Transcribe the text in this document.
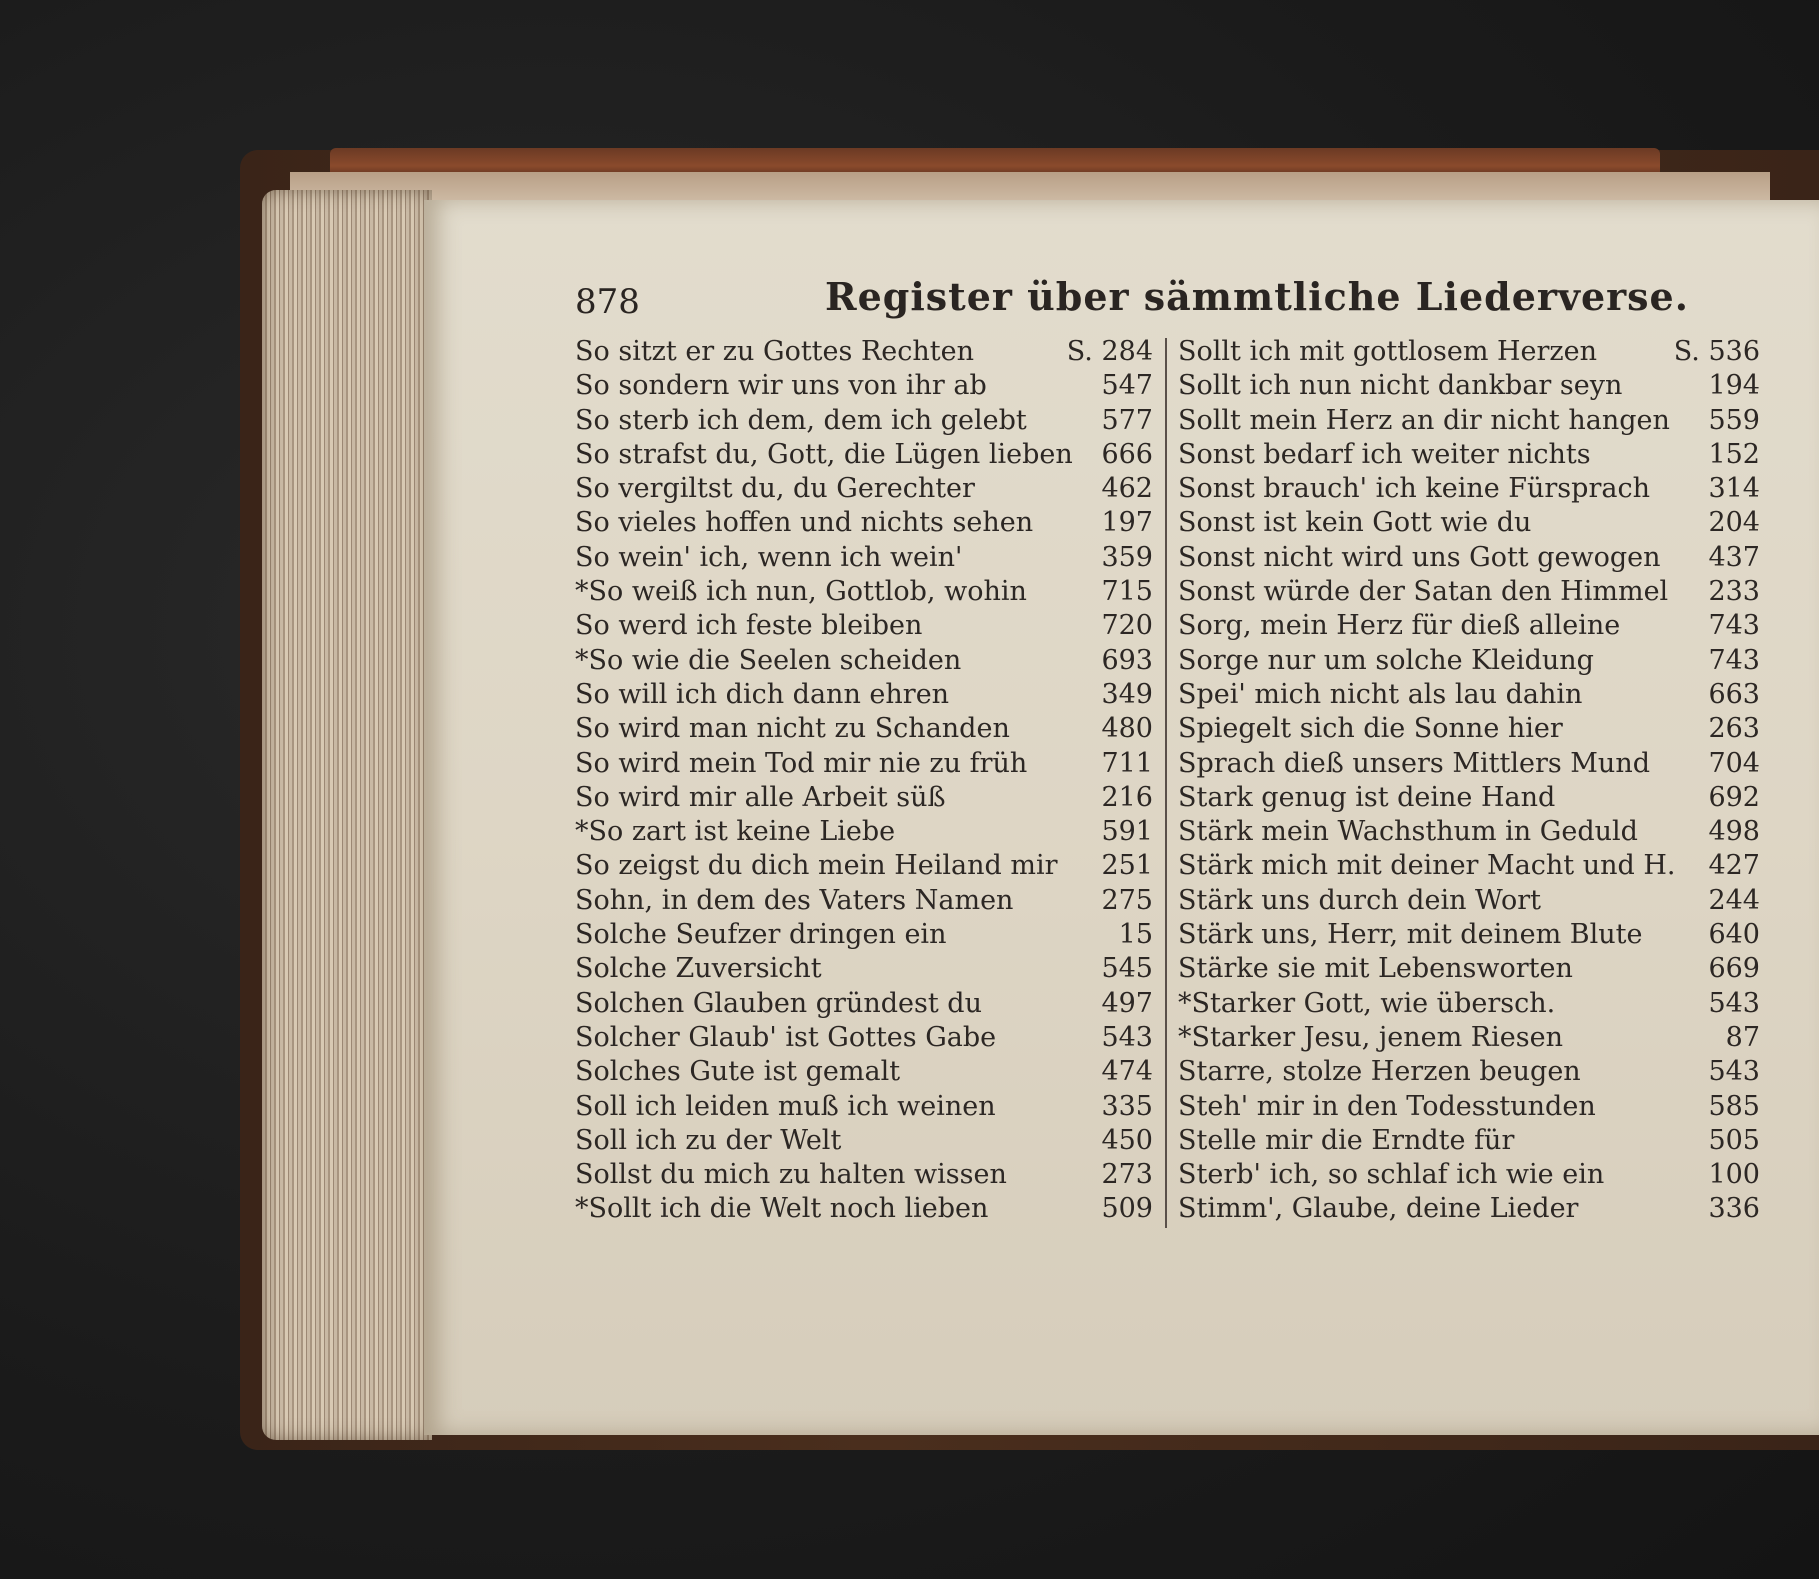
878	Register über sämmtliche Liederverse.
So sitzt er zu Gottes Rechten	S. 284
So sondern wir uns von ihr ab	547
So sterb ich dem, dem ich gelebt	577
So strafst du, Gott, die Lügen lieben 666
So vergiltst du, du Gerechter	462
So vieles hoffen und nichts sehen	197
So wein' ich, wenn ich wein'	359
*So weiß ich nun, Gottlob, wohin	715
So werd ich feste bleiben	720
*So wie die Seelen scheiden	693
So will ich dich dann ehren	349
So wird man nicht zu Schanden	480
So wird mein Tod mir nie zu früh	711
So wird mir alle Arbeit süß	216
*So zart ist keine Liebe	591
So zeigst du dich mein Heiland mir 251
Sohn, in dem des Vaters Namen	275
Solche Seufzer dringen ein	15
Solche Zuversicht	545
Solchen Glauben gründest du	497
Solcher Glaub' ist Gottes Gabe	543
Solches Gute ist gemalt	474
Soll ich leiden muß ich weinen	335
Soll ich zu der Welt	450
Sollst du mich zu halten wissen	273
*Sollt ich die Welt noch lieben	509
Sollt ich mit gottlosem Herzen	S. 536
Sollt ich nun nicht dankbar seyn	194
Sollt mein Herz an dir nicht hangen 559
Sonst bedarf ich weiter nichts	152
Sonst brauch' ich keine Fürsprach 314
Sonst ist kein Gott wie du	204
Sonst nicht wird uns Gott gewogen 437
Sonst würde der Satan den Himmel 233
Sorg, mein Herz für dieß alleine	743
Sorge nur um solche Kleidung	743
Spei' mich nicht als lau dahin	663
Spiegelt sich die Sonne hier	263
Sprach dieß unsers Mittlers Mund 704
Stark genug ist deine Hand	692
Stärk mein Wachsthum in Geduld	498
Stärk mich mit deiner Macht und H. 427
Stärk uns durch dein Wort	244
Stärk uns, Herr, mit deinem Blute 640
Stärke sie mit Lebensworten	669
*Starker Gott, wie übersch.	543
*Starker Jesu, jenem Riesen	87
Starre, stolze Herzen beugen	543
Steh' mir in den Todesstunden	585
Stelle mir die Erndte für	505
Sterb' ich, so schlaf ich wie ein	100
Stimm', Glaube, deine Lieder	336
